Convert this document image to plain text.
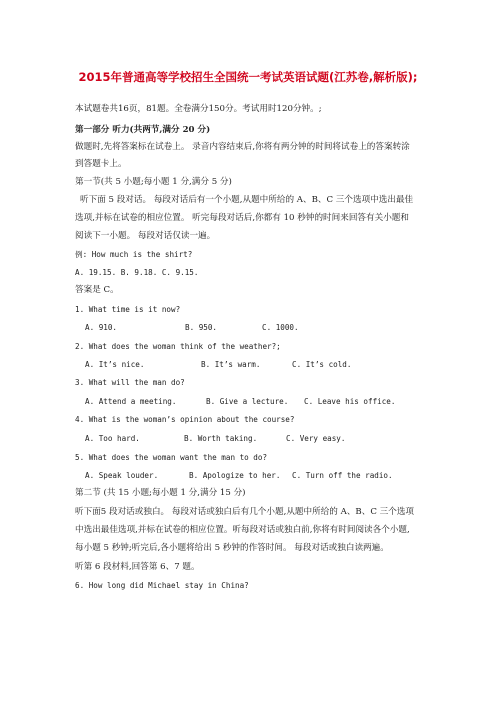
2015年普通高等学校招生全国统一考试英语试题(江苏卷,解析版);
本试题卷共16页，81题。全卷满分150分。考试用时120分钟。;
第一部分 听力(共两节,满分 20 分)
做题时,先将答案标在试卷上。 录音内容结束后,你将有两分钟的时间将试卷上的答案转涂
到答题卡上。
第一节(共 5 小题;每小题 1 分,满分 5 分)
听下面 5 段对话。 每段对话后有一个小题,从题中所给的 A、B、C 三个选项中选出最佳
选项,并标在试卷的相应位置。 听完每段对话后,你都有 10 秒钟的时间来回答有关小题和
阅读下一小题。 每段对话仅读一遍。
例: How much is the shirt?
A. 19.15. B. 9.18. C. 9.15.
答案是 C。
1. What time is it now?
A. 910.	B. 950.	C. 1000.
2. What does the woman think of the weather?;
A. It’s nice.	B. It’s warm.	C. It’s cold.
3. What will the man do?
A. Attend a meeting.	B. Give a lecture.	C. Leave his office.
4. What is the woman’s opinion about the course?
A. Too hard.	B. Worth taking.	C. Very easy.
5. What does the woman want the man to do?
A. Speak louder.	B. Apologize to her.	C. Turn off the radio.
第二节 (共 15 小题;每小题 1 分,满分 15 分)
听下面5 段对话或独白。 每段对话或独白后有几个小题,从题中所给的 A、B、C 三个选项
中选出最佳选项,并标在试卷的相应位置。听每段对话或独白前,你将有时间阅读各个小题,
每小题 5 秒钟;听完后,各小题将给出 5 秒钟的作答时间。 每段对话或独白读两遍。
听第 6 段材料,回答第 6、7 题。
6. How long did Michael stay in China?
